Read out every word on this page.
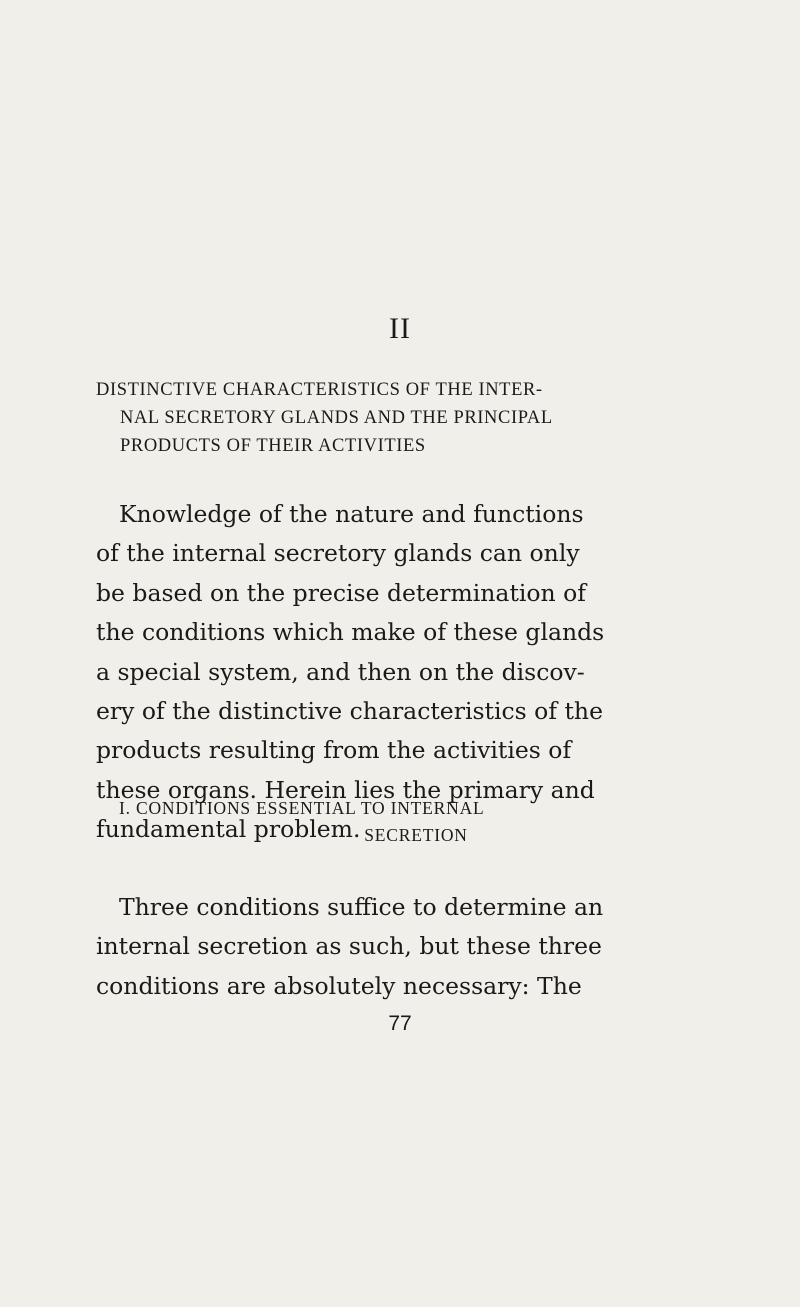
II
DISTINCTIVE CHARACTERISTICS OF THE INTER-
NAL SECRETORY GLANDS AND THE PRINCIPAL
PRODUCTS OF THEIR ACTIVITIES
Knowledge of the nature and functions
of the internal secretory glands can only
be based on the precise determination of
the conditions which make of these glands
a special system, and then on the discov-
ery of the distinctive characteristics of the
products resulting from the activities of
these organs. Herein lies the primary and
fundamental problem.
I. CONDITIONS ESSENTIAL TO INTERNAL
SECRETION
Three conditions suffice to determine an
internal secretion as such, but these three
conditions are absolutely necessary: The
77
